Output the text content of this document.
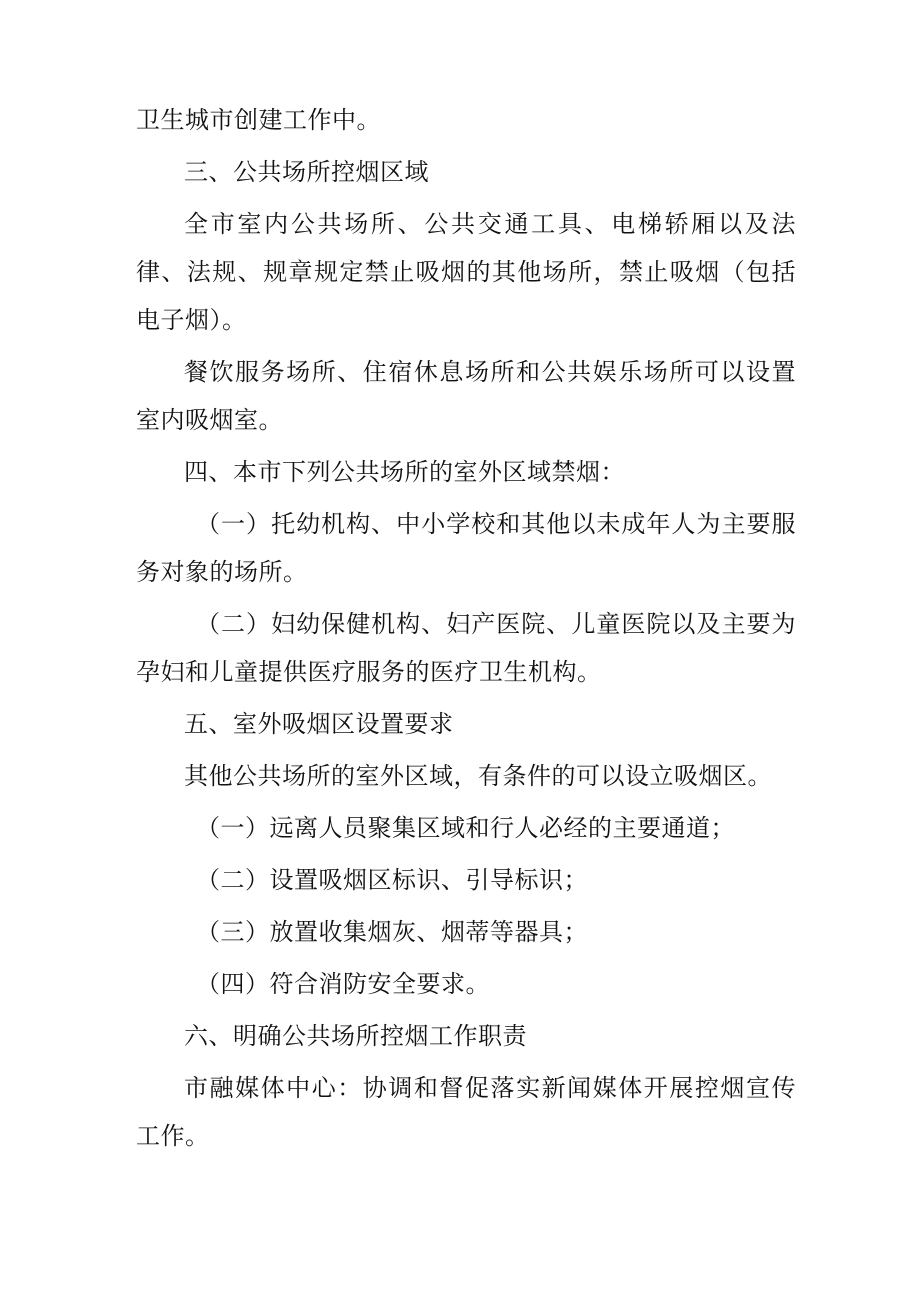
卫生城市创建工作中。

三、公共场所控烟区域

全市室内公共场所、公共交通工具、电梯轿厢以及法律、法规、规章规定禁止吸烟的其他场所，禁止吸烟（包括电子烟）。

餐饮服务场所、住宿休息场所和公共娱乐场所可以设置室内吸烟室。

四、本市下列公共场所的室外区域禁烟：

（一）托幼机构、中小学校和其他以未成年人为主要服务对象的场所。

（二）妇幼保健机构、妇产医院、儿童医院以及主要为孕妇和儿童提供医疗服务的医疗卫生机构。

五、室外吸烟区设置要求

其他公共场所的室外区域，有条件的可以设立吸烟区。

（一）远离人员聚集区域和行人必经的主要通道；

（二）设置吸烟区标识、引导标识；

（三）放置收集烟灰、烟蒂等器具；

（四）符合消防安全要求。

六、明确公共场所控烟工作职责

市融媒体中心：协调和督促落实新闻媒体开展控烟宣传工作。
